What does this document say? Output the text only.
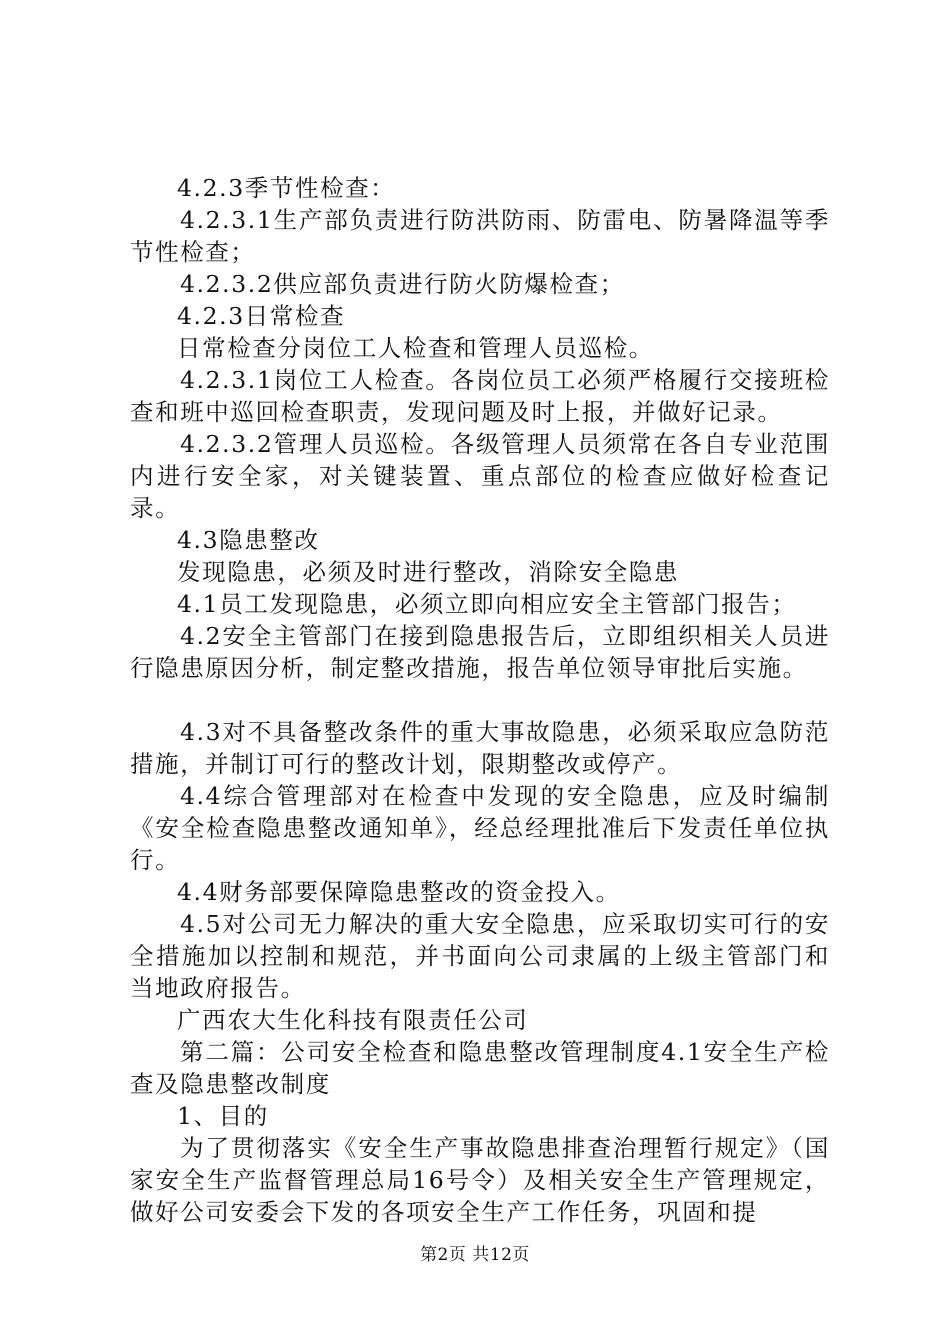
4.2.3季节性检查：

4.2.3.1生产部负责进行防洪防雨、防雷电、防暑降温等季节性检查；

4.2.3.2供应部负责进行防火防爆检查；

4.2.3日常检查

日常检查分岗位工人检查和管理人员巡检。

4.2.3.1岗位工人检查。各岗位员工必须严格履行交接班检查和班中巡回检查职责，发现问题及时上报，并做好记录。

4.2.3.2管理人员巡检。各级管理人员须常在各自专业范围内进行安全家，对关键装置、重点部位的检查应做好检查记录。

4.3隐患整改

发现隐患，必须及时进行整改，消除安全隐患

4.1员工发现隐患，必须立即向相应安全主管部门报告；

4.2安全主管部门在接到隐患报告后，立即组织相关人员进行隐患原因分析，制定整改措施，报告单位领导审批后实施。

4.3对不具备整改条件的重大事故隐患，必须采取应急防范措施，并制订可行的整改计划，限期整改或停产。

4.4综合管理部对在检查中发现的安全隐患，应及时编制《安全检查隐患整改通知单》，经总经理批准后下发责任单位执行。

4.4财务部要保障隐患整改的资金投入。

4.5对公司无力解决的重大安全隐患，应采取切实可行的安全措施加以控制和规范，并书面向公司隶属的上级主管部门和当地政府报告。

广西农大生化科技有限责任公司

第二篇：公司安全检查和隐患整改管理制度4.1安全生产检查及隐患整改制度

1、目的

为了贯彻落实《安全生产事故隐患排查治理暂行规定》（国家安全生产监督管理总局16号令）及相关安全生产管理规定，做好公司安委会下发的各项安全生产工作任务，巩固和提

第2页 共12页
